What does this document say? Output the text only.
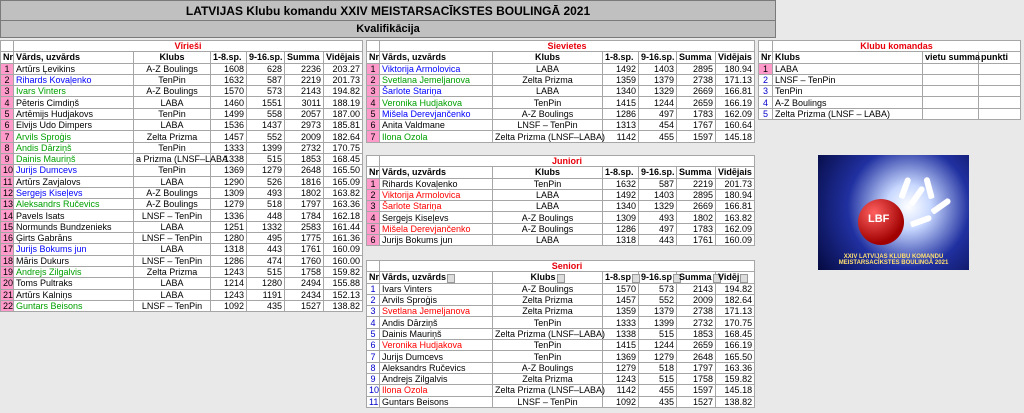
LATVIJAS Klubu komandu XXIV MEISTARSACĪKSTES BOULINGĀ 2021
Kvalifikācija
	Vīrieši					
Nr	Vārds, uzvārds	Klubs	1-8.sp.	9-16.sp.	Summa	Vidējais
1	Artūrs Ļevikins	A-Z Boulings	1608	628	2236	203.27
2	Rihards Kovaļenko	TenPin	1632	587	2219	201.73
3	Ivars Vinters	A-Z Boulings	1570	573	2143	194.82
4	Pēteris Cimdiņš	LABA	1460	1551	3011	188.19
5	Artēmijs Hudjakovs	TenPin	1499	558	2057	187.00
6	Elvijs Udo Dimpers	LABA	1536	1437	2973	185.81
7	Arvils Sproģis	Zelta Prizma	1457	552	2009	182.64
8	Andis Dārziņš	TenPin	1333	1399	2732	170.75
9	Dainis Mauriņš	a Prizma (LNSF–LABA	1338	515	1853	168.45
10	Jurijs Dumcevs	TenPin	1369	1279	2648	165.50
11	Artūrs Zavjalovs	LABA	1290	526	1816	165.09
12	Sergejs Kiseļevs	A-Z Boulings	1309	493	1802	163.82
13	Aleksandrs Ručevics	A-Z Boulings	1279	518	1797	163.36
14	Pavels Isats	LNSF – TenPin	1336	448	1784	162.18
15	Normunds Bundzenieks	LABA	1251	1332	2583	161.44
16	Ģirts Gabrāns	LNSF – TenPin	1280	495	1775	161.36
17	Jurijs Bokums jun	LABA	1318	443	1761	160.09
18	Māris Dukurs	LNSF – TenPin	1286	474	1760	160.00
19	Andrejs Zilgalvis	Zelta Prizma	1243	515	1758	159.82
20	Toms Pultraks	LABA	1214	1280	2494	155.88
21	Artūrs Kalniņs	LABA	1243	1191	2434	152.13
22	Guntars Beisons	LNSF – TenPin	1092	435	1527	138.82
	Sievietes					
Nr	Vārds, uzvārds	Klubs	1-8.sp.	9-16.sp.	Summa	Vidējais
1	Viktorija Armolovica	LABA	1492	1403	2895	180.94
2	Svetlana Jemeljanova	Zelta Prizma	1359	1379	2738	171.13
3	Šarlote Stariņa	LABA	1340	1329	2669	166.81
4	Veronika Hudjakova	TenPin	1415	1244	2659	166.19
5	Mišela Derevjančenko	A-Z Boulings	1286	497	1783	162.09
6	Anita Valdmane	LNSF – TenPin	1313	454	1767	160.64
7	Ilona Ozola	Zelta Prizma (LNSF–LABA)	1142	455	1597	145.18
	Juniori					
Nr	Vārds, uzvārds	Klubs	1-8.sp.	9-16.sp.	Summa	Vidējais
1	Rihards Kovaļenko	TenPin	1632	587	2219	201.73
2	Viktorija Armolovica	LABA	1492	1403	2895	180.94
3	Šarlote Stariņa	LABA	1340	1329	2669	166.81
4	Sergejs Kiseļevs	A-Z Boulings	1309	493	1802	163.82
5	Mišela Derevjančenko	A-Z Boulings	1286	497	1783	162.09
6	Jurijs Bokums jun	LABA	1318	443	1761	160.09
	Seniori					
Nr	Vārds, uzvārds	Klubs	1-8.sp	9-16.sp	Summa	Vidēj
1	Ivars Vinters	A-Z Boulings	1570	573	2143	194.82
2	Arvils Sproģis	Zelta Prizma	1457	552	2009	182.64
3	Svetlana Jemeljanova	Zelta Prizma	1359	1379	2738	171.13
4	Andis Dārziņš	TenPin	1333	1399	2732	170.75
5	Dainis Mauriņš	Zelta Prizma (LNSF–LABA)	1338	515	1853	168.45
6	Veronika Hudjakova	TenPin	1415	1244	2659	166.19
7	Jurijs Dumcevs	TenPin	1369	1279	2648	165.50
8	Aleksandrs Ručevics	A-Z Boulings	1279	518	1797	163.36
9	Andrejs Zilgalvis	Zelta Prizma	1243	515	1758	159.82
10	Ilona Ozola	Zelta Prizma (LNSF–LABA)	1142	455	1597	145.18
11	Guntars Beisons	LNSF – TenPin	1092	435	1527	138.82
	Klubu komandas		
Nr	Klubs	vietu summa	punkti
1	LABA		
2	LNSF – TenPin		
3	TenPin		
4	A-Z Boulings		
5	Zelta Prizma (LNSF – LABA)		
LBF
XXIV LATVIJAS KLUBU KOMANDU MEISTARSACĪKSTES BOULINGĀ 2021
